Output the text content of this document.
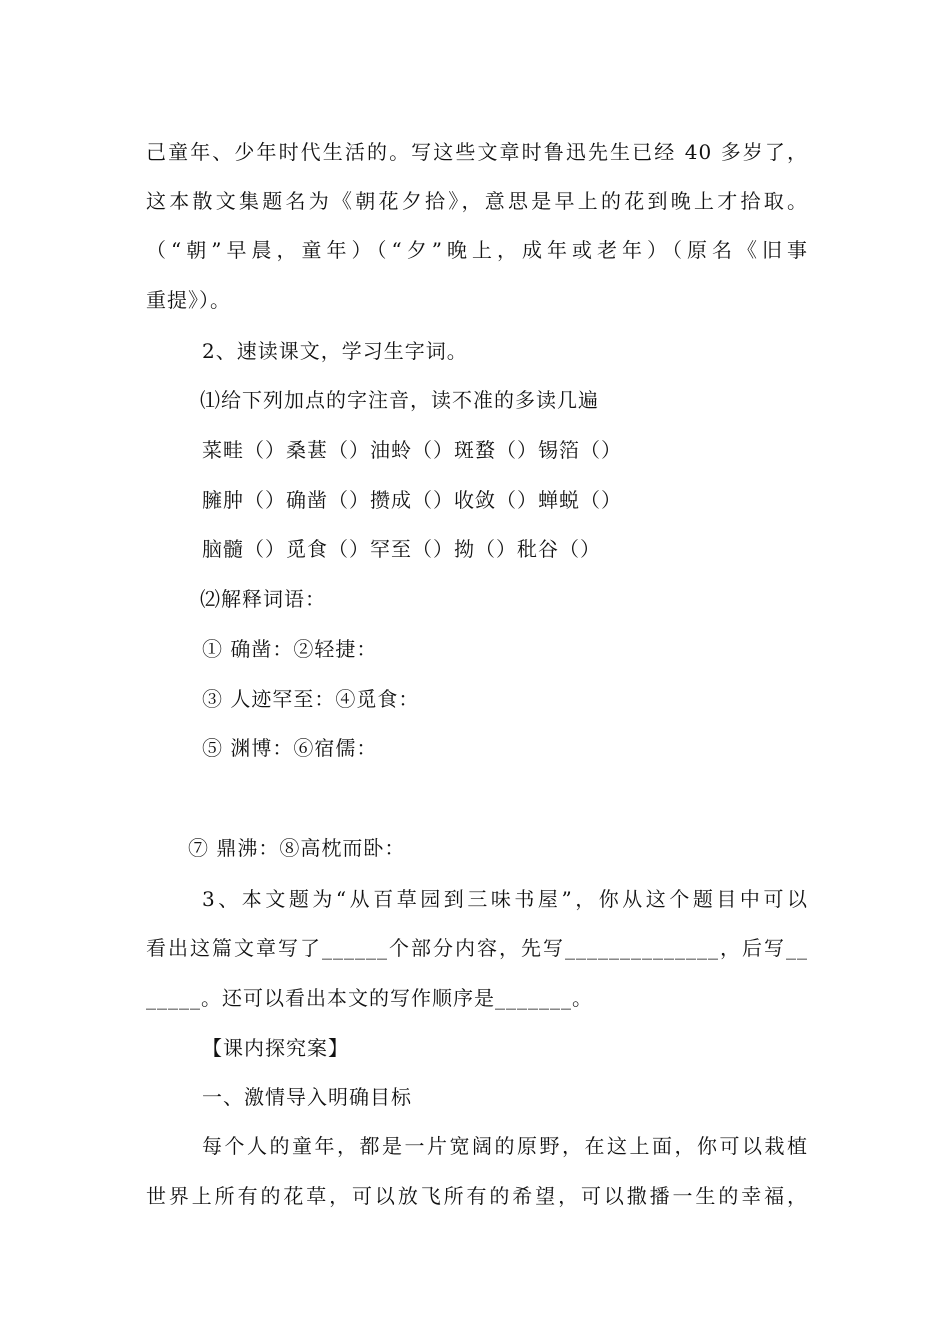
己童年、少年时代生活的。写这些文章时鲁迅先生已经 40 多岁了，
这本散文集题名为《朝花夕拾》，意思是早上的花到晚上才拾取。
（“朝”早晨，童年）（“夕”晚上，成年或老年）（原名《旧事
重提》）。
2、速读课文，学习生字词。
⑴给下列加点的字注音，读不准的多读几遍
菜畦（）桑葚（）油蛉（）斑蝥（）锡箔（）
臃肿（）确凿（）攒成（）收敛（）蝉蜕（）
脑髓（）觅食（）罕至（）拗（）秕谷（）
⑵解释词语：
① 确凿：②轻捷：
③ 人迹罕至：④觅食：
⑤ 渊博：⑥宿儒：
⑦ 鼎沸：⑧高枕而卧：
3、本文题为“从百草园到三味书屋”，你从这个题目中可以
看出这篇文章写了______个部分内容，先写______________，后写__
_____。还可以看出本文的写作顺序是_______。
【课内探究案】
一、激情导入明确目标
每个人的童年，都是一片宽阔的原野，在这上面，你可以栽植
世界上所有的花草，可以放飞所有的希望，可以撒播一生的幸福，
